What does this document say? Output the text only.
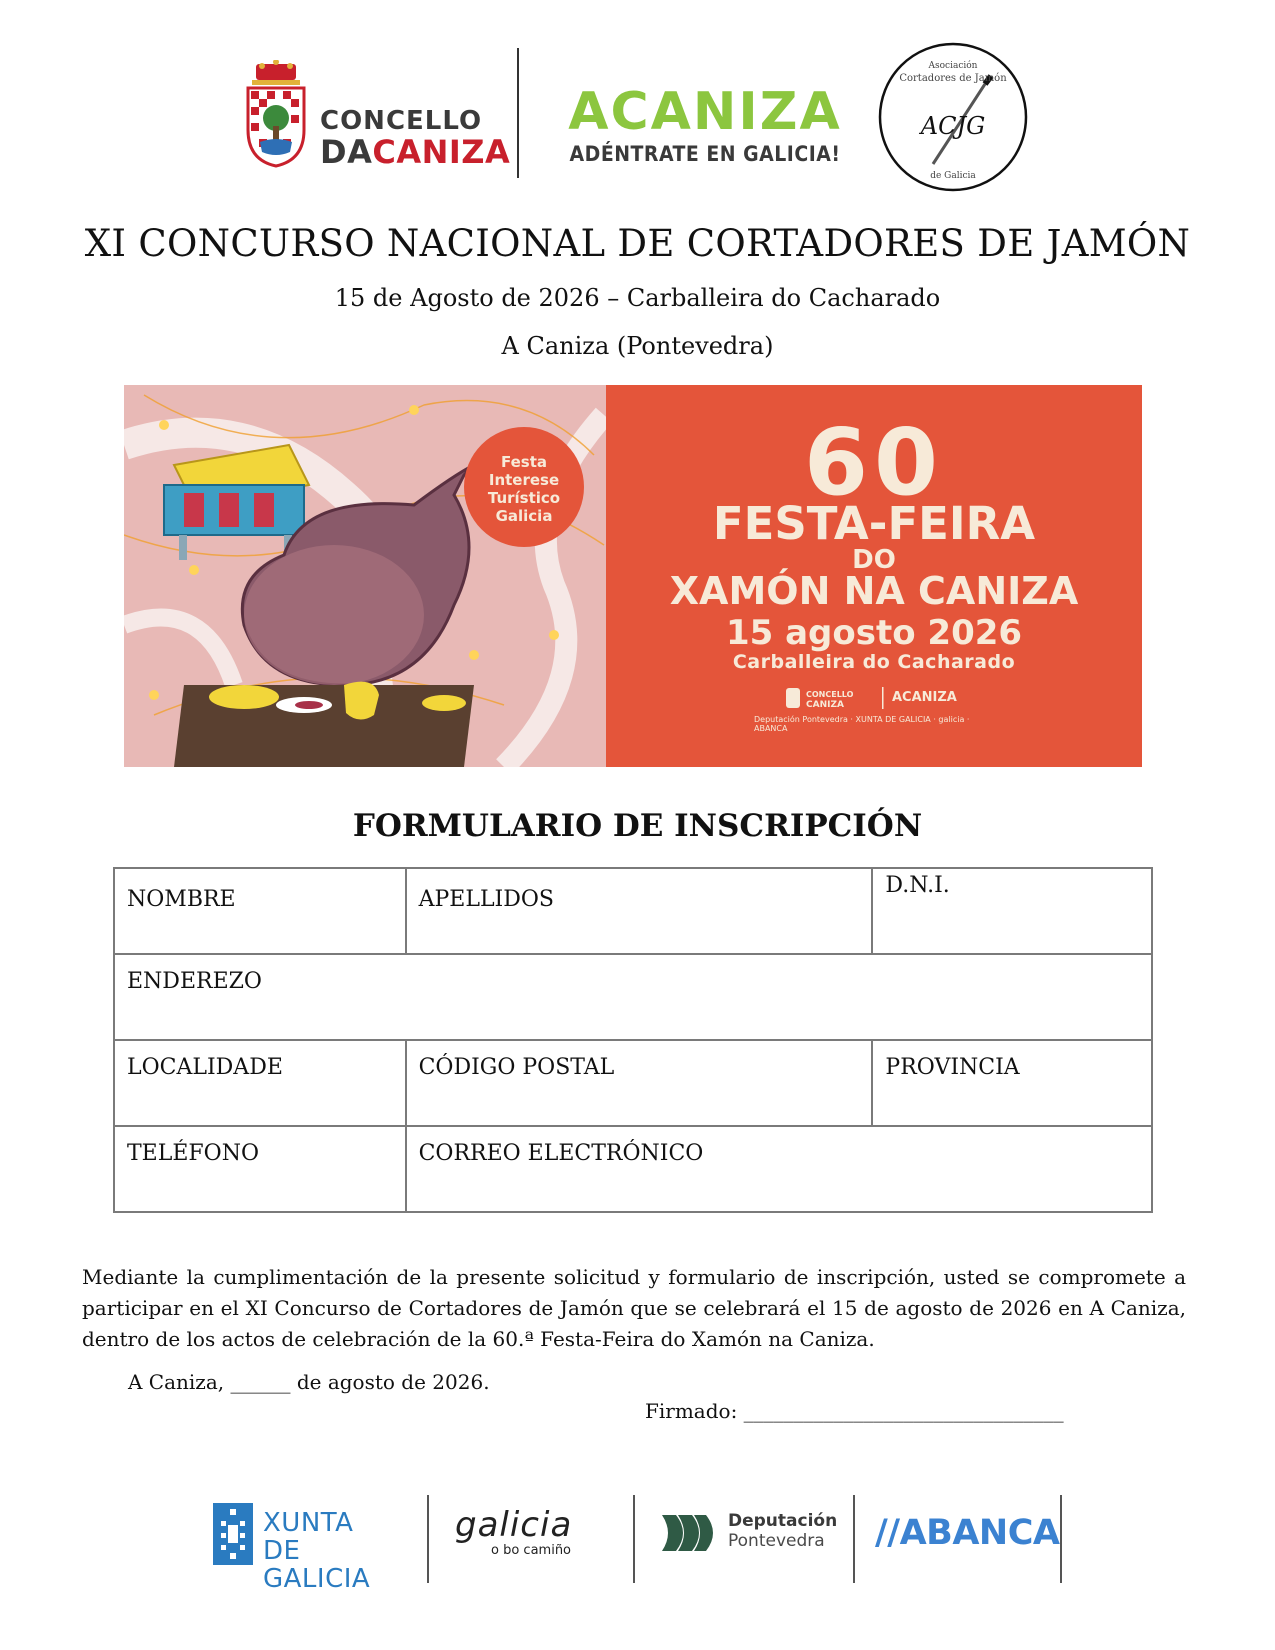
CONCELLO
DACANIZA
ACANIZA
ADÉNTRATE EN GALICIA!
Asociación
Cortadores de Jamón
ACJG
de Galicia
XI CONCURSO NACIONAL DE CORTADORES DE JAMÓN
15 de Agosto de 2026 – Carballeira do Cacharado
A Caniza (Pontevedra)
Festa
Interese
Turístico
Galicia	60
FESTA-FEIRA
DO
XAMÓN NA CANIZA
15 agosto 2026
Carballeira do Cacharado
CONCELLO
CANIZA	ACANIZA
Deputación Pontevedra · XUNTA DE GALICIA · galicia · ABANCA
FORMULARIO DE INSCRIPCIÓN
NOMBRE	APELLIDOS	D.N.I.

ENDEREZO		

LOCALIDADE	CÓDIGO POSTAL	PROVINCIA

TELÉFONO	CORREO ELECTRÓNICO	
Mediante la cumplimentación de la presente solicitud y formulario de inscripción, usted se compromete a participar en el XI Concurso de Cortadores de Jamón que se celebrará el 15 de agosto de 2026 en A Caniza, dentro de los actos de celebración de la 60.ª Festa-Feira do Xamón na Caniza.
A Caniza, ______ de agosto de 2026.
Firmado: ________________________________
XUNTA
DE GALICIA
galicia
o bo camiño
Deputación
Pontevedra	//ABANCA
